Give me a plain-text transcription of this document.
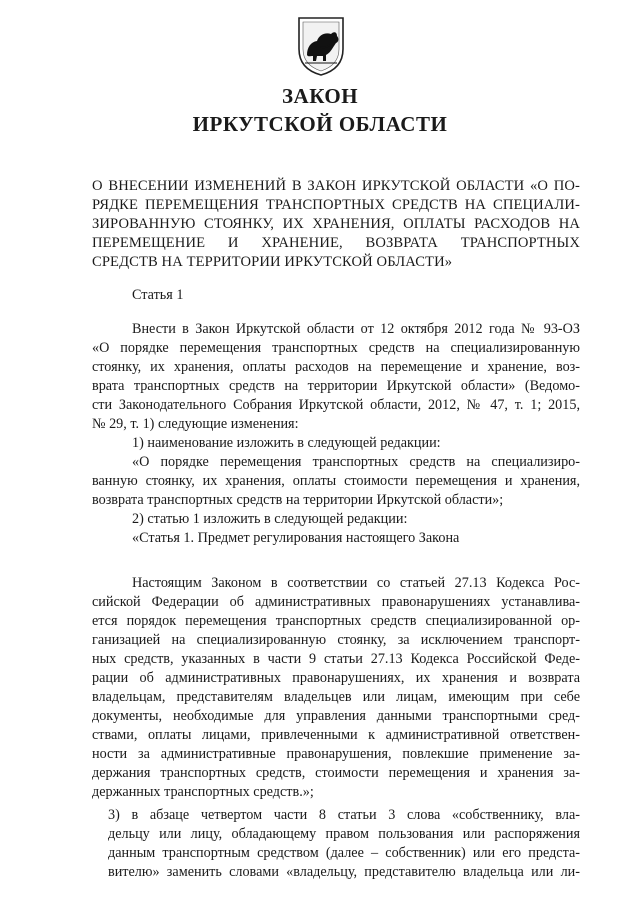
ЗАКОН
ИРКУТСКОЙ ОБЛАСТИ
О ВНЕСЕНИИ ИЗМЕНЕНИЙ В ЗАКОН ИРКУТСКОЙ ОБЛАСТИ «О ПО-
РЯДКЕ ПЕРЕМЕЩЕНИЯ ТРАНСПОРТНЫХ СРЕДСТВ НА СПЕЦИАЛИ-
ЗИРОВАННУЮ СТОЯНКУ, ИХ ХРАНЕНИЯ, ОПЛАТЫ РАСХОДОВ НА
ПЕРЕМЕЩЕНИЕ И ХРАНЕНИЕ, ВОЗВРАТА ТРАНСПОРТНЫХ
СРЕДСТВ НА ТЕРРИТОРИИ ИРКУТСКОЙ ОБЛАСТИ»
Статья 1
Внести в Закон Иркутской области от 12 октября 2012 года № 93-ОЗ
«О порядке перемещения транспортных средств на специализированную
стоянку, их хранения, оплаты расходов на перемещение и хранение, воз-
врата транспортных средств на территории Иркутской области» (Ведомо-
сти Законодательного Собрания Иркутской области, 2012, № 47, т. 1; 2015,
№ 29, т. 1) следующие изменения:
1) наименование изложить в следующей редакции:
«О порядке перемещения транспортных средств на специализиро-
ванную стоянку, их хранения, оплаты стоимости перемещения и хранения,
возврата транспортных средств на территории Иркутской области»;
2) статью 1 изложить в следующей редакции:
«Статья 1. Предмет регулирования настоящего Закона
Настоящим Законом в соответствии со статьей 27.13 Кодекса Рос-
сийской Федерации об административных правонарушениях устанавлива-
ется порядок перемещения транспортных средств специализированной ор-
ганизацией на специализированную стоянку, за исключением транспорт-
ных средств, указанных в части 9 статьи 27.13 Кодекса Российской Феде-
рации об административных правонарушениях, их хранения и возврата
владельцам, представителям владельцев или лицам, имеющим при себе
документы, необходимые для управления данными транспортными сред-
ствами, оплаты лицами, привлеченными к административной ответствен-
ности за административные правонарушения, повлекшие применение за-
держания транспортных средств, стоимости перемещения и хранения за-
держанных транспортных средств.»;
3) в абзаце четвертом части 8 статьи 3 слова «собственнику, вла-
дельцу или лицу, обладающему правом пользования или распоряжения
данным транспортным средством (далее – собственник) или его предста-
вителю» заменить словами «владельцу, представителю владельца или ли-
